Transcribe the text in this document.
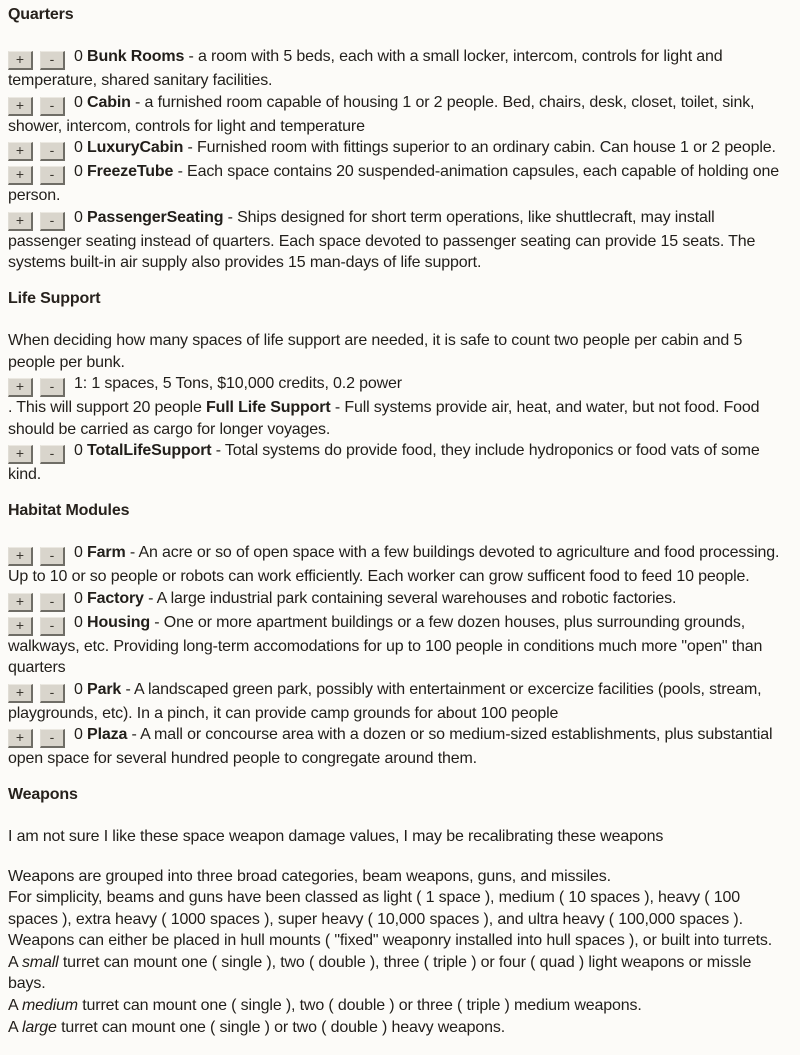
Quarters
+ - 0 Bunk Rooms - a room with 5 beds, each with a small locker, intercom, controls for light and temperature, shared sanitary facilities.
+ - 0 Cabin - a furnished room capable of housing 1 or 2 people. Bed, chairs, desk, closet, toilet, sink, shower, intercom, controls for light and temperature
+ - 0 LuxuryCabin - Furnished room with fittings superior to an ordinary cabin. Can house 1 or 2 people.
+ - 0 FreezeTube - Each space contains 20 suspended-animation capsules, each capable of holding one person.
+ - 0 PassengerSeating - Ships designed for short term operations, like shuttlecraft, may install passenger seating instead of quarters. Each space devoted to passenger seating can provide 15 seats. The systems built-in air supply also provides 15 man-days of life support.
Life Support
When deciding how many spaces of life support are needed, it is safe to count two people per cabin and 5 people per bunk.
+ - 1: 1 spaces, 5 Tons, $10,000 credits, 0.2 power
. This will support 20 people Full Life Support - Full systems provide air, heat, and water, but not food. Food should be carried as cargo for longer voyages.
+ - 0 TotalLifeSupport - Total systems do provide food, they include hydroponics or food vats of some kind.
Habitat Modules
+ - 0 Farm - An acre or so of open space with a few buildings devoted to agriculture and food processing. Up to 10 or so people or robots can work efficiently. Each worker can grow sufficent food to feed 10 people.
+ - 0 Factory - A large industrial park containing several warehouses and robotic factories.
+ - 0 Housing - One or more apartment buildings or a few dozen houses, plus surrounding grounds, walkways, etc. Providing long-term accomodations for up to 100 people in conditions much more "open" than quarters
+ - 0 Park - A landscaped green park, possibly with entertainment or excercize facilities (pools, stream, playgrounds, etc). In a pinch, it can provide camp grounds for about 100 people
+ - 0 Plaza - A mall or concourse area with a dozen or so medium-sized establishments, plus substantial open space for several hundred people to congregate around them.
Weapons
I am not sure I like these space weapon damage values, I may be recalibrating these weapons
Weapons are grouped into three broad categories, beam weapons, guns, and missiles.
For simplicity, beams and guns have been classed as light ( 1 space ), medium ( 10 spaces ), heavy ( 100 spaces ), extra heavy ( 1000 spaces ), super heavy ( 10,000 spaces ), and ultra heavy ( 100,000 spaces ).
Weapons can either be placed in hull mounts ( "fixed" weaponry installed into hull spaces ), or built into turrets.
A small turret can mount one ( single ), two ( double ), three ( triple ) or four ( quad ) light weapons or missle bays.
A medium turret can mount one ( single ), two ( double ) or three ( triple ) medium weapons.
A large turret can mount one ( single ) or two ( double ) heavy weapons.
